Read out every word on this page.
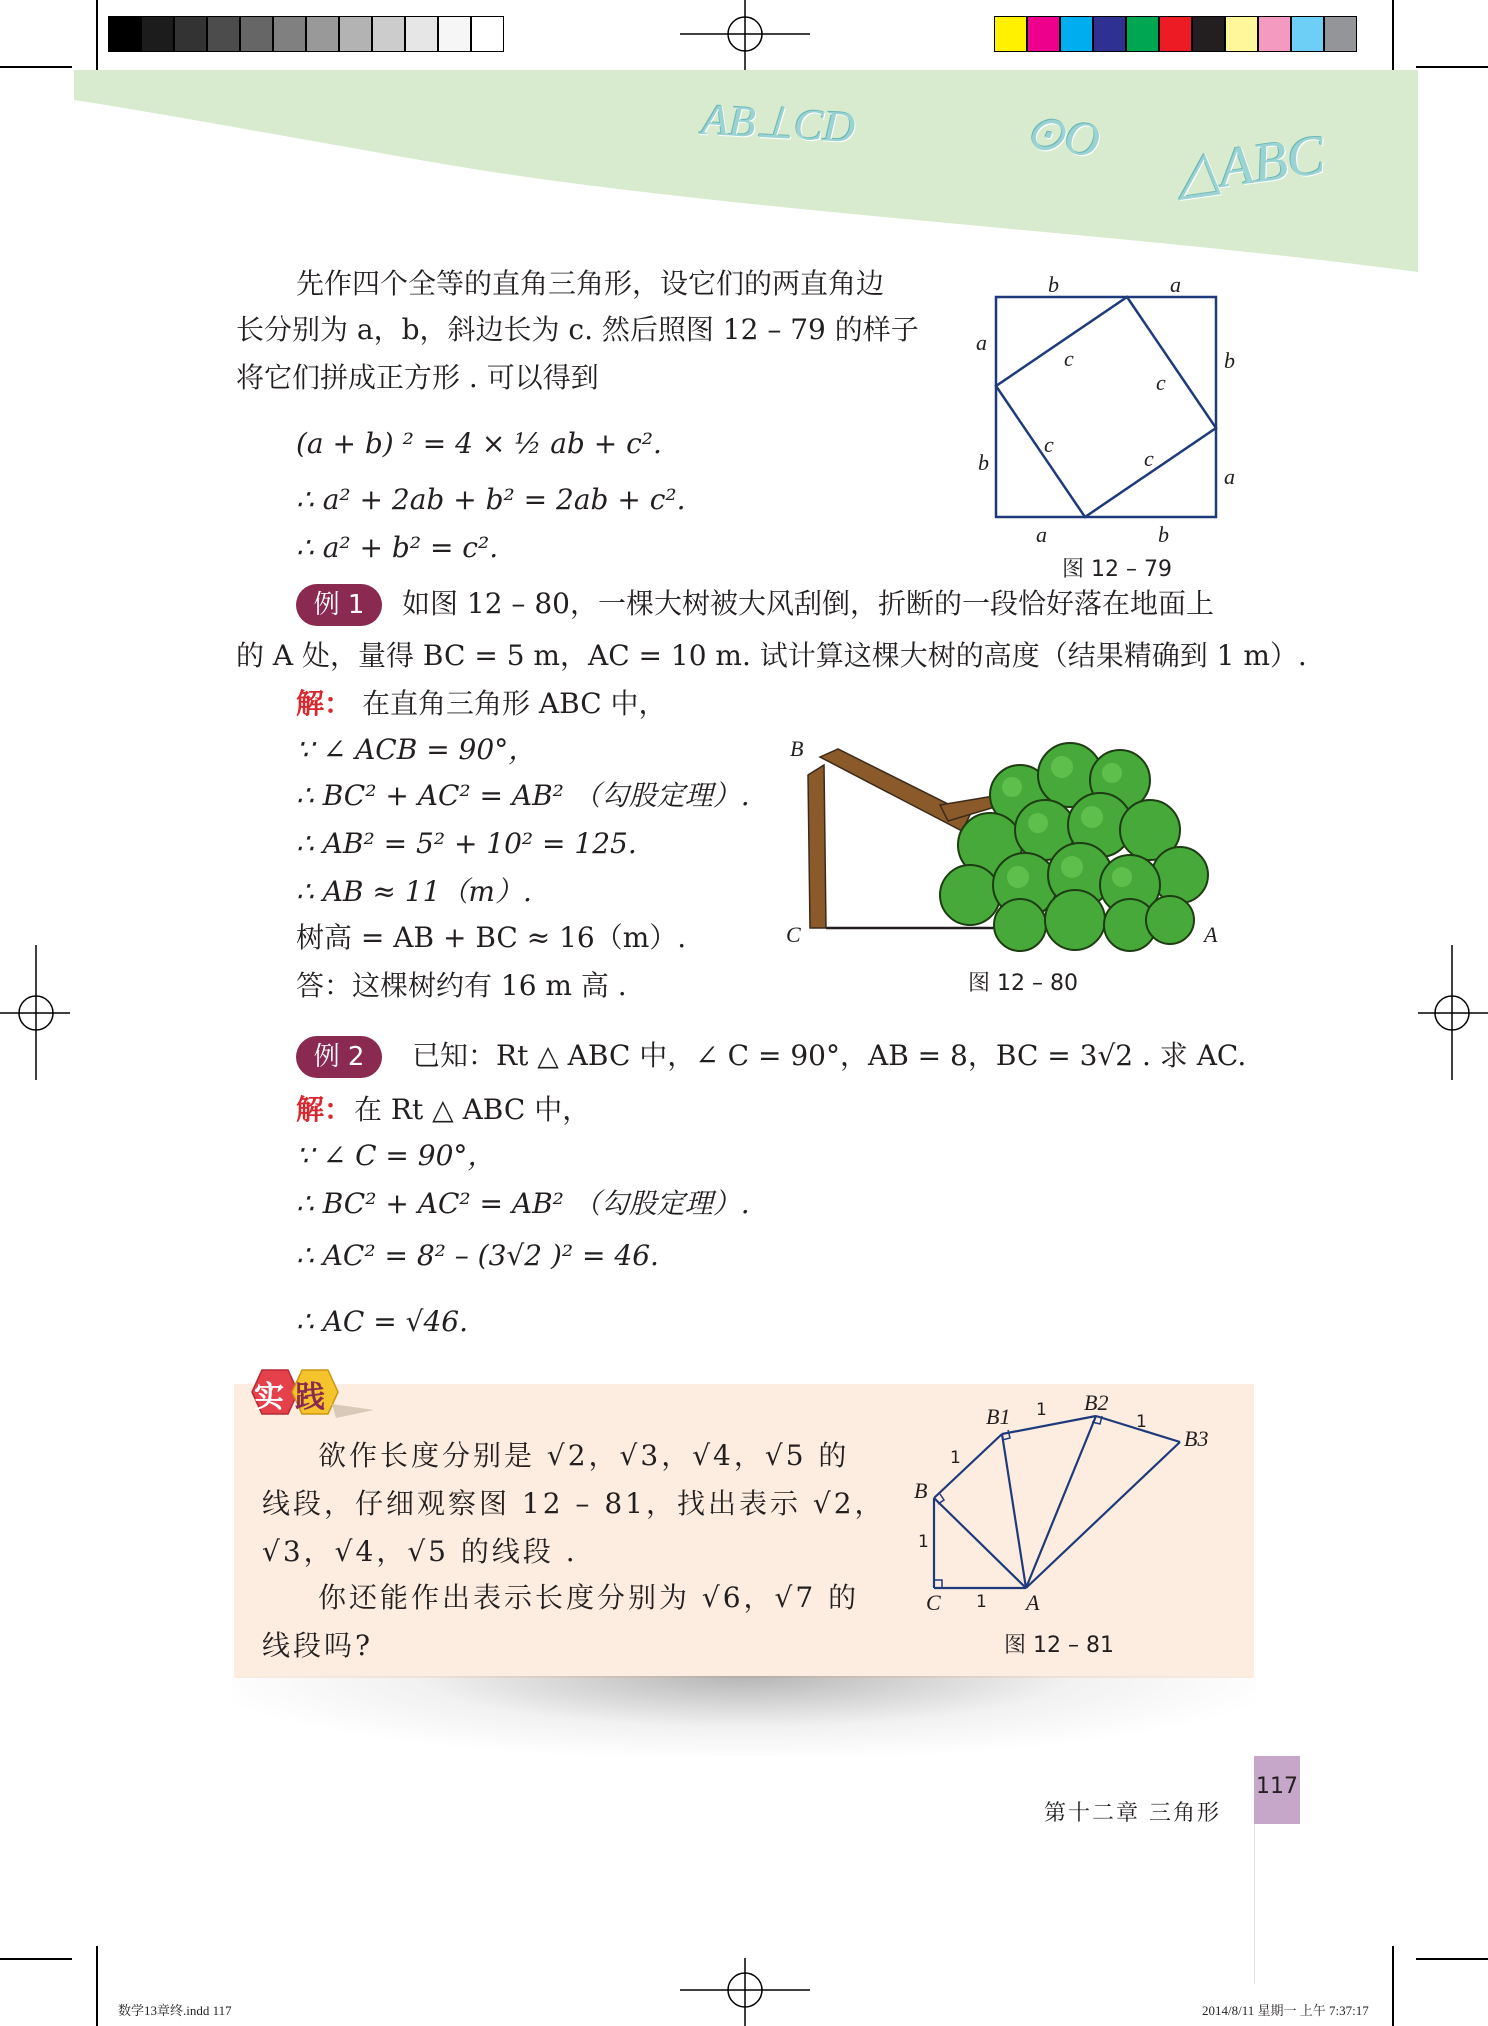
AB⊥CD	⊙O △ABC
先作四个全等的直角三角形，设它们的两直角边
长分别为 a，b，斜边长为 c. 然后照图 12 – 79 的样子
将它们拼成正方形 . 可以得到
(a + b) ² = 4 × ½ ab + c².
∴ a² + 2ab + b² = 2ab + c².
∴ a² + b² = c².
b	a
a
b
b
a
a	b
c
c
c
c
图 12 – 79
例 1	如图 12 – 80，一棵大树被大风刮倒，折断的一段恰好落在地面上
的 A 处，量得 BC = 5 m，AC = 10 m. 试计算这棵大树的高度（结果精确到 1 m）.
解： 在直角三角形 ABC 中，
∵ ∠ ACB = 90°，
∴ BC² + AC² = AB² （勾股定理）.
∴ AB² = 5² + 10² = 125.
∴ AB ≈ 11（m）.
树高 = AB + BC ≈ 16（m）.
答：这棵树约有 16 m 高 .
B
C	A
图 12 – 80
例 2	已知：Rt △ ABC 中，∠ C = 90°，AB = 8，BC = 3√2 . 求 AC.
解： 在 Rt △ ABC 中，
∵ ∠ C = 90°，
∴ BC² + AC² = AB² （勾股定理）.
∴ AC² = 8² – (3√2 )² = 46.
∴ AC = √46.
实 践
欲作长度分别是 √2，√3，√4，√5 的
线段，仔细观察图 12 – 81，找出表示 √2，
√3，√4，√5 的线段 .
你还能作出表示长度分别为 √6，√7 的
线段吗?
B1
B2
B3
B
C	A
1
1
1
1
1
图 12 – 81
第十二章 三角形
117
数学13章终.indd 117	2014/8/11 星期一 上午 7:37:17
